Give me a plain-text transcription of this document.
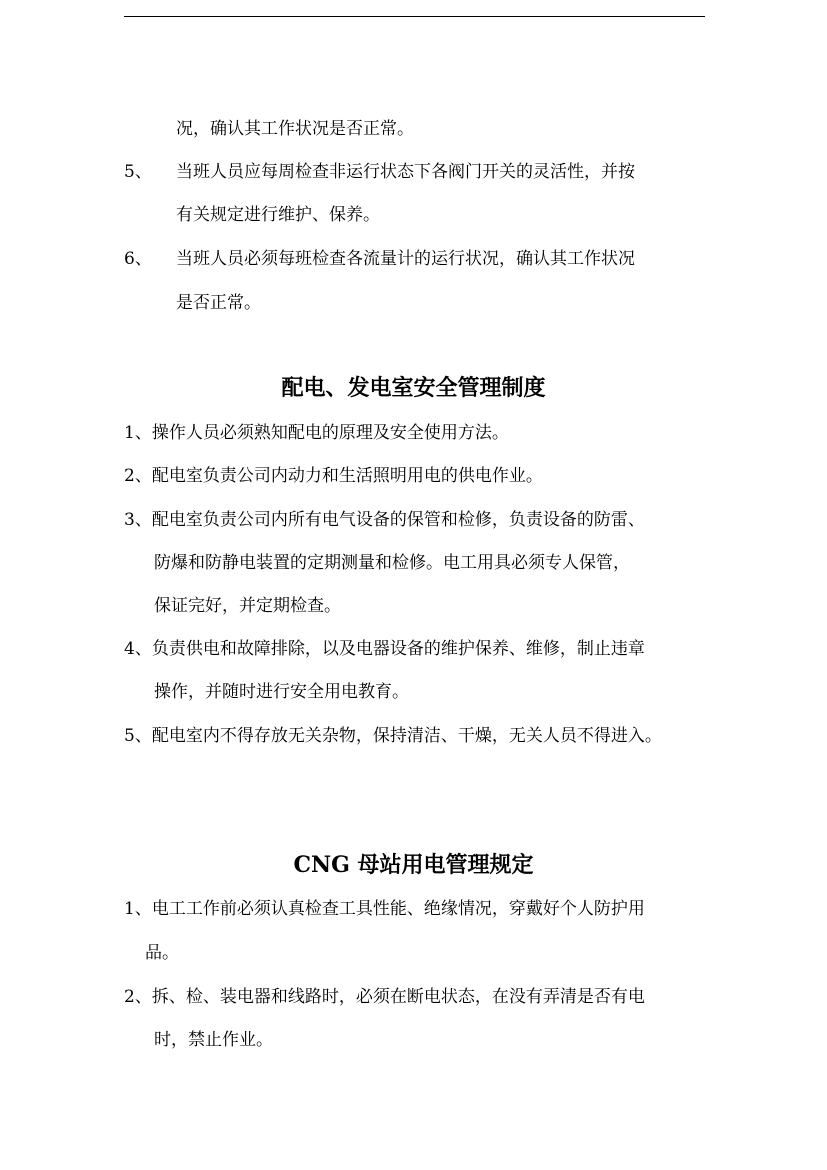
况，确认其工作状况是否正常。
5、 当班人员应每周检查非运行状态下各阀门开关的灵活性，并按
有关规定进行维护、保养。
6、 当班人员必须每班检查各流量计的运行状况，确认其工作状况
是否正常。
配电、发电室安全管理制度
1、操作人员必须熟知配电的原理及安全使用方法。
2、配电室负责公司内动力和生活照明用电的供电作业。
3、配电室负责公司内所有电气设备的保管和检修，负责设备的防雷、
防爆和防静电装置的定期测量和检修。电工用具必须专人保管，
保证完好，并定期检查。
4、负责供电和故障排除，以及电器设备的维护保养、维修，制止违章
操作，并随时进行安全用电教育。
5、配电室内不得存放无关杂物，保持清洁、干燥，无关人员不得进入。
CNG 母站用电管理规定
1、电工工作前必须认真检查工具性能、绝缘情况，穿戴好个人防护用
品。
2、拆、检、装电器和线路时，必须在断电状态，在没有弄清是否有电
时，禁止作业。
